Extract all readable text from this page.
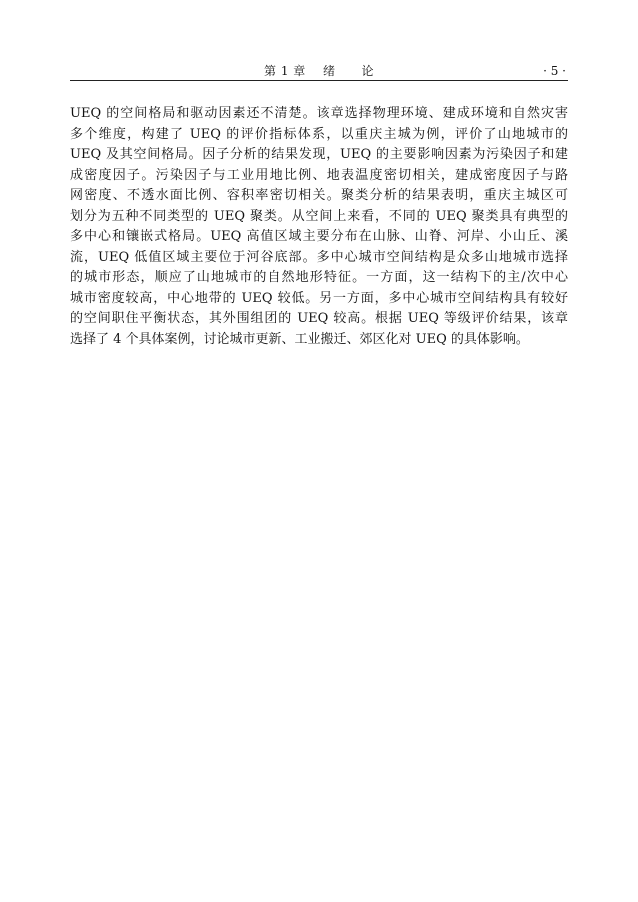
第 1 章    绪      论	· 5 ·
UEQ 的空间格局和驱动因素还不清楚。该章选择物理环境、建成环境和自然灾害
多个维度，构建了 UEQ 的评价指标体系，以重庆主城为例，评价了山地城市的
UEQ 及其空间格局。因子分析的结果发现，UEQ 的主要影响因素为污染因子和建
成密度因子。污染因子与工业用地比例、地表温度密切相关，建成密度因子与路
网密度、不透水面比例、容积率密切相关。聚类分析的结果表明，重庆主城区可
划分为五种不同类型的 UEQ 聚类。从空间上来看，不同的 UEQ 聚类具有典型的
多中心和镶嵌式格局。UEQ 高值区域主要分布在山脉、山脊、河岸、小山丘、溪
流，UEQ 低值区域主要位于河谷底部。多中心城市空间结构是众多山地城市选择
的城市形态，顺应了山地城市的自然地形特征。一方面，这一结构下的主/次中心
城市密度较高，中心地带的 UEQ 较低。另一方面，多中心城市空间结构具有较好
的空间职住平衡状态，其外围组团的 UEQ 较高。根据 UEQ 等级评价结果，该章
选择了 4 个具体案例，讨论城市更新、工业搬迁、郊区化对 UEQ 的具体影响。
